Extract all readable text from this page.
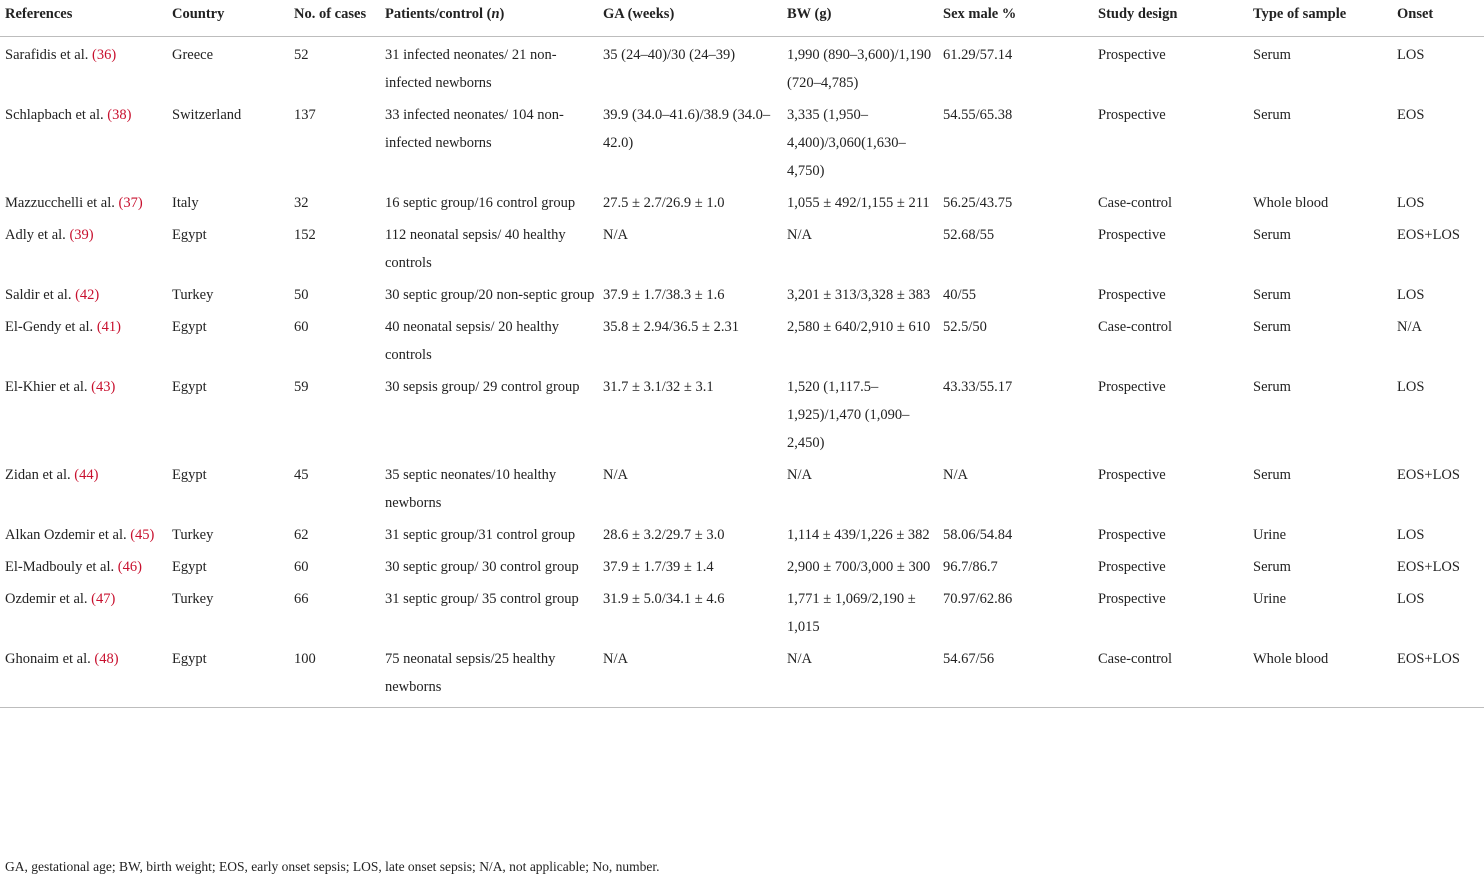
References	Country	No. of cases	Patients/control (n)	GA (weeks)	BW (g)	Sex male %	Study design	Type of sample	Onset
Sarafidis et al. (36)	Greece	52	31 infected neonates/ 21 non-infected newborns	35 (24–40)/30 (24–39)	1,990 (890–3,600)/1,190 (720–4,785)	61.29/57.14	Prospective	Serum	LOS
Schlapbach et al. (38)	Switzerland	137	33 infected neonates/ 104 non-infected newborns	39.9 (34.0–41.6)/38.9 (34.0–42.0)	3,335 (1,950–4,400)/3,060(1,630–4,750)	54.55/65.38	Prospective	Serum	EOS
Mazzucchelli et al. (37)	Italy	32	16 septic group/16 control group	27.5 ± 2.7/26.9 ± 1.0	1,055 ± 492/1,155 ± 211	56.25/43.75	Case-control	Whole blood	LOS
Adly et al. (39)	Egypt	152	112 neonatal sepsis/ 40 healthy controls	N/A	N/A	52.68/55	Prospective	Serum	EOS+LOS
Saldir et al. (42)	Turkey	50	30 septic group/20 non-septic group	37.9 ± 1.7/38.3 ± 1.6	3,201 ± 313/3,328 ± 383	40/55	Prospective	Serum	LOS
El-Gendy et al. (41)	Egypt	60	40 neonatal sepsis/ 20 healthy controls	35.8 ± 2.94/36.5 ± 2.31	2,580 ± 640/2,910 ± 610	52.5/50	Case-control	Serum	N/A
El-Khier et al. (43)	Egypt	59	30 sepsis group/ 29 control group	31.7 ± 3.1/32 ± 3.1	1,520 (1,117.5–1,925)/1,470 (1,090–2,450)	43.33/55.17	Prospective	Serum	LOS
Zidan et al. (44)	Egypt	45	35 septic neonates/10 healthy newborns	N/A	N/A	N/A	Prospective	Serum	EOS+LOS
Alkan Ozdemir et al. (45)	Turkey	62	31 septic group/31 control group	28.6 ± 3.2/29.7 ± 3.0	1,114 ± 439/1,226 ± 382	58.06/54.84	Prospective	Urine	LOS
El-Madbouly et al. (46)	Egypt	60	30 septic group/ 30 control group	37.9 ± 1.7/39 ± 1.4	2,900 ± 700/3,000 ± 300	96.7/86.7	Prospective	Serum	EOS+LOS
Ozdemir et al. (47)	Turkey	66	31 septic group/ 35 control group	31.9 ± 5.0/34.1 ± 4.6	1,771 ± 1,069/2,190 ± 1,015	70.97/62.86	Prospective	Urine	LOS
Ghonaim et al. (48)	Egypt	100	75 neonatal sepsis/25 healthy newborns	N/A	N/A	54.67/56	Case-control	Whole blood	EOS+LOS
GA, gestational age; BW, birth weight; EOS, early onset sepsis; LOS, late onset sepsis; N/A, not applicable; No, number.
